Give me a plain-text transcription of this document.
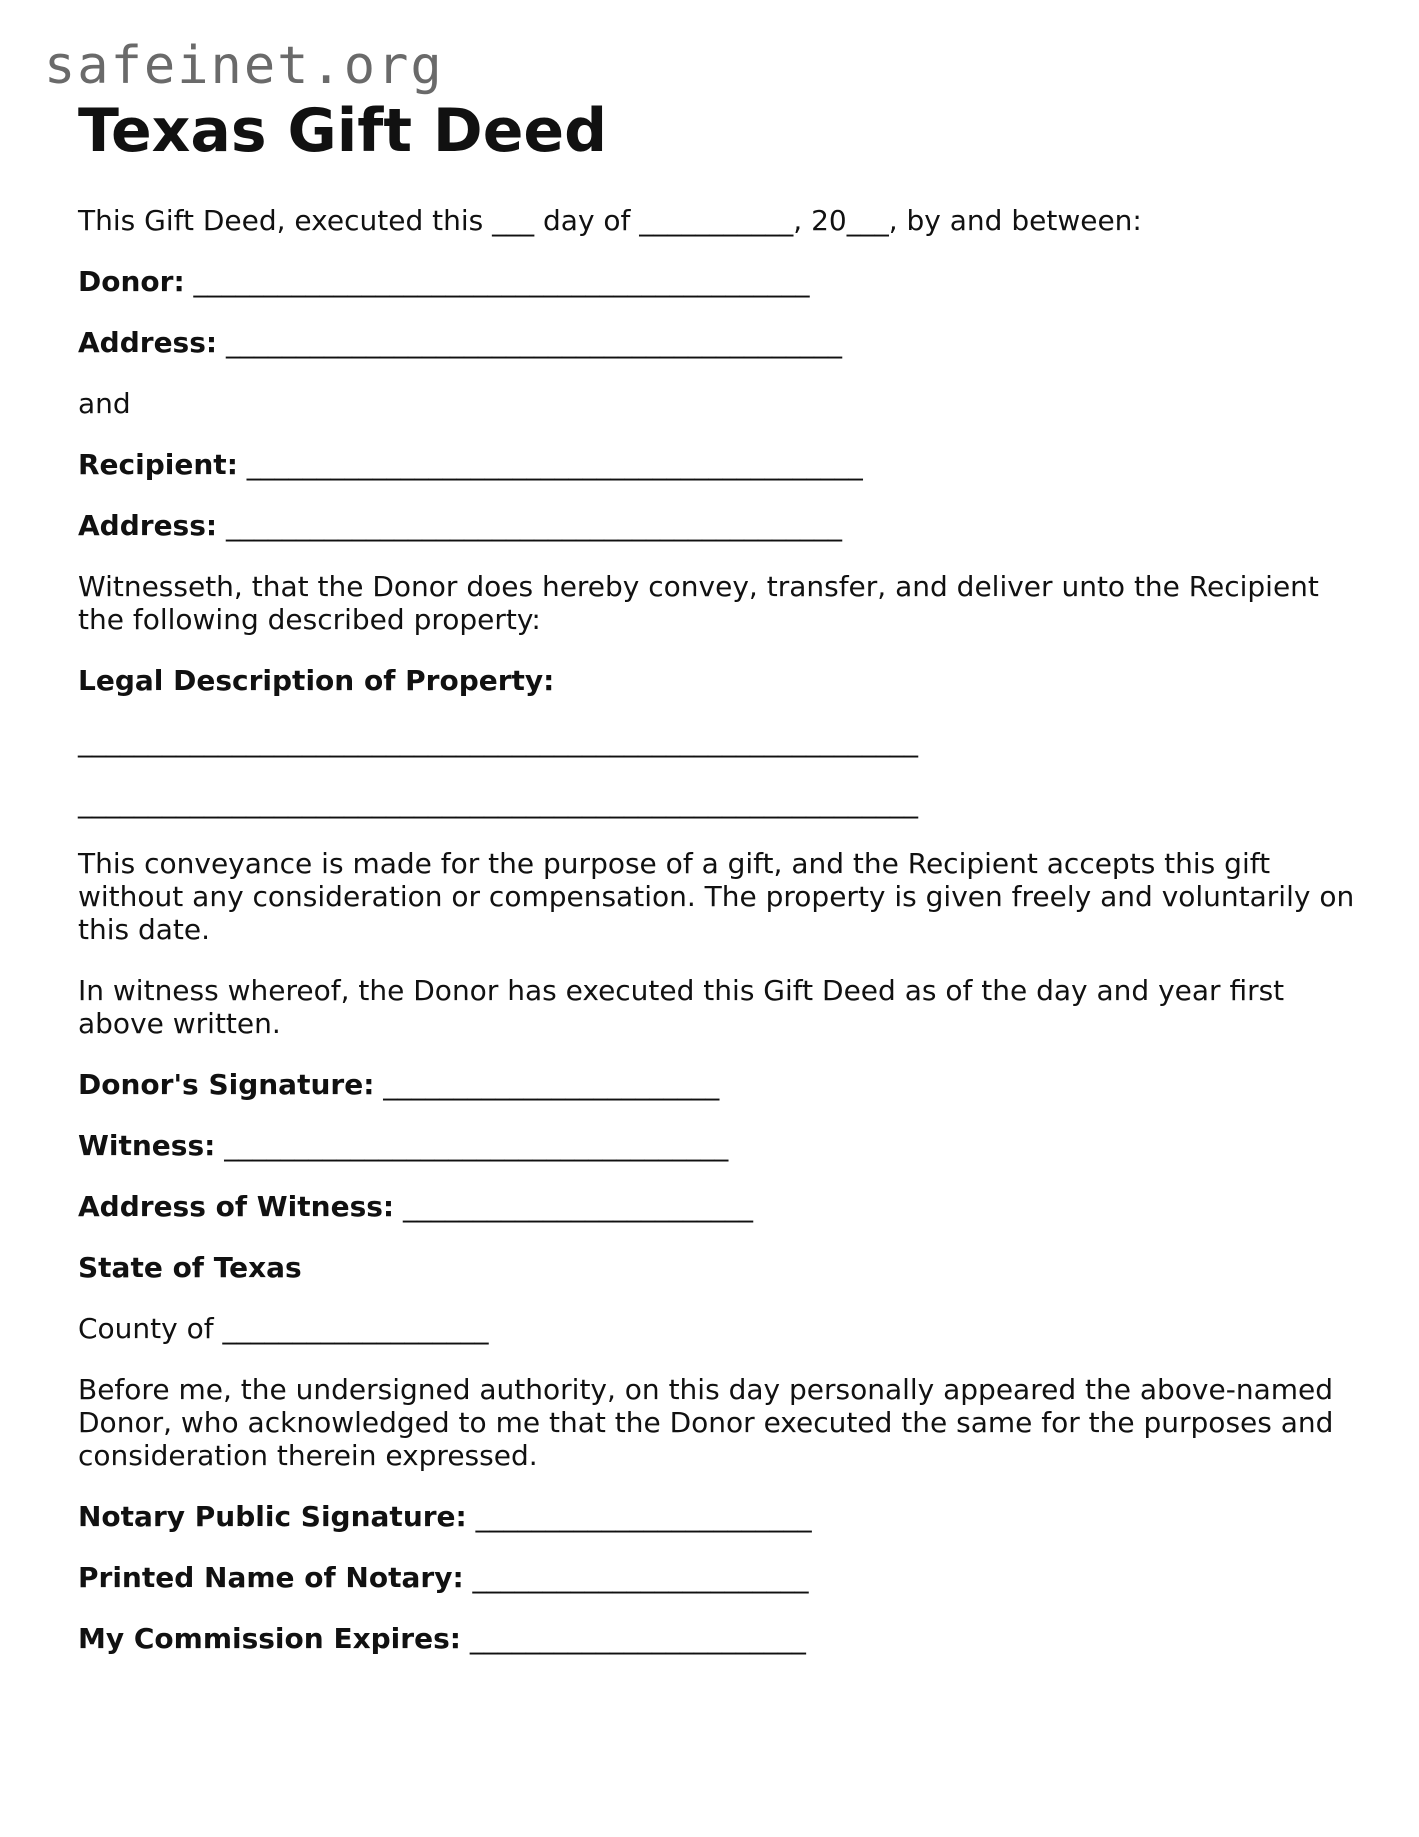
safeinet.org
Texas Gift Deed
This Gift Deed, executed this ___ day of ___________, 20___, by and between:
Donor: ____________________________________________
Address: ____________________________________________
and
Recipient: ____________________________________________
Address: ____________________________________________
Witnesseth, that the Donor does hereby convey, transfer, and deliver unto the Recipient the following described property:
Legal Description of Property:
____________________________________________________________
____________________________________________________________
This conveyance is made for the purpose of a gift, and the Recipient accepts this gift without any consideration or compensation. The property is given freely and voluntarily on this date.
In witness whereof, the Donor has executed this Gift Deed as of the day and year first above written.
Donor's Signature: ________________________
Witness: ____________________________________
Address of Witness: _________________________
State of Texas
County of ___________________
Before me, the undersigned authority, on this day personally appeared the above-named Donor, who acknowledged to me that the Donor executed the same for the purposes and consideration therein expressed.
Notary Public Signature: ________________________
Printed Name of Notary: ________________________
My Commission Expires: ________________________
